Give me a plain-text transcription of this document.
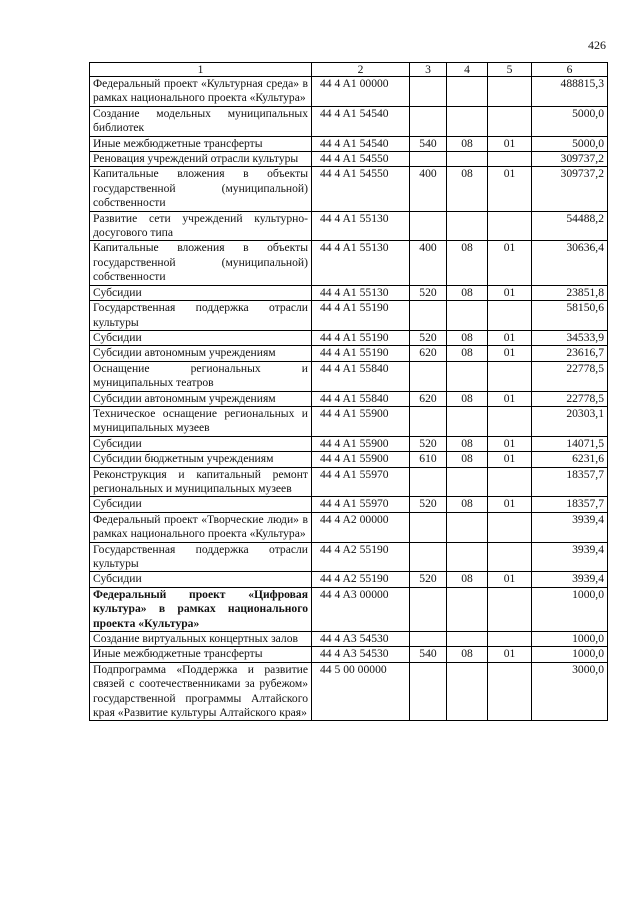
426
1	2	3	4	5	6
Федеральный проект «Культурная среда» в рамках национального проекта «Культура»	44 4 A1 00000				488815,3
Создание модельных муниципальных библиотек	44 4 A1 54540				5000,0
Иные межбюджетные трансферты	44 4 A1 54540	540	08	01	5000,0
Реновация учреждений отрасли культуры	44 4 A1 54550				309737,2
Капитальные вложения в объекты государственной (муниципальной) собственности	44 4 A1 54550	400	08	01	309737,2
Развитие сети учреждений культурно-досугового типа	44 4 A1 55130				54488,2
Капитальные вложения в объекты государственной (муниципальной) собственности	44 4 A1 55130	400	08	01	30636,4
Субсидии	44 4 A1 55130	520	08	01	23851,8
Государственная поддержка отрасли культуры	44 4 A1 55190				58150,6
Субсидии	44 4 A1 55190	520	08	01	34533,9
Субсидии автономным учреждениям	44 4 A1 55190	620	08	01	23616,7
Оснащение региональных и муниципальных театров	44 4 A1 55840				22778,5
Субсидии автономным учреждениям	44 4 A1 55840	620	08	01	22778,5
Техническое оснащение региональных и муниципальных музеев	44 4 A1 55900				20303,1
Субсидии	44 4 A1 55900	520	08	01	14071,5
Субсидии бюджетным учреждениям	44 4 A1 55900	610	08	01	6231,6
Реконструкция и капитальный ремонт региональных и муниципальных музеев	44 4 A1 55970				18357,7
Субсидии	44 4 A1 55970	520	08	01	18357,7
Федеральный проект «Творческие люди» в рамках национального проекта «Культура»	44 4 A2 00000				3939,4
Государственная поддержка отрасли культуры	44 4 A2 55190				3939,4
Субсидии	44 4 A2 55190	520	08	01	3939,4
Федеральный проект «Цифровая культура» в рамках национального проекта «Культура»	44 4 A3 00000				1000,0
Создание виртуальных концертных залов	44 4 A3 54530				1000,0
Иные межбюджетные трансферты	44 4 A3 54530	540	08	01	1000,0
Подпрограмма «Поддержка и развитие связей с соотечественниками за рубежом» государственной программы Алтайского края «Развитие культуры Алтайского края»	44 5 00 00000				3000,0
